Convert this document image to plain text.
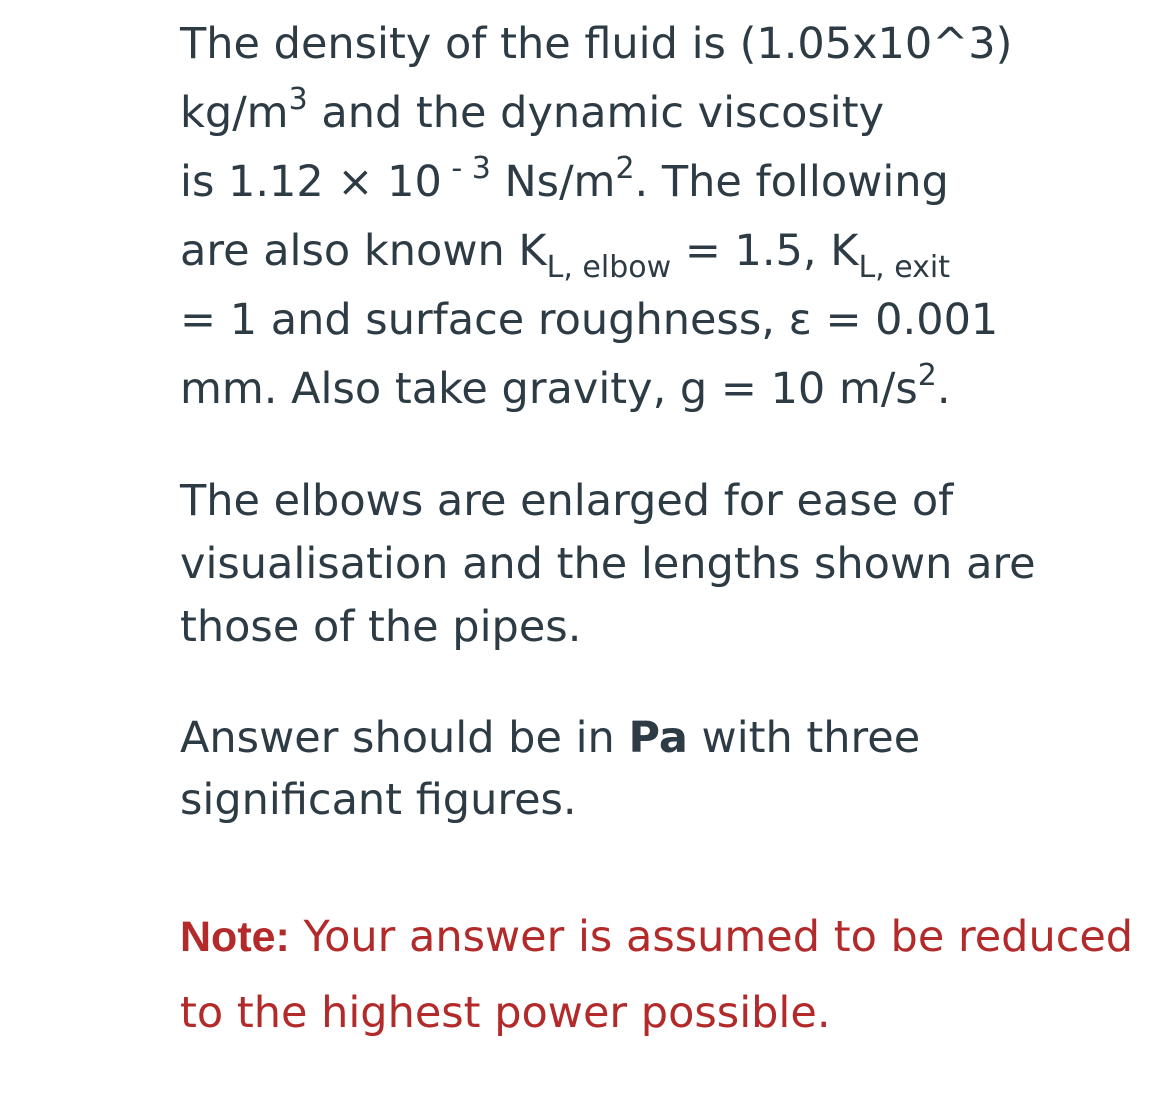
The density of the fluid is (1.05x10^3)
$kg/m^3$ and the dynamic viscosity
is 1.12 × 10 $^{- 3}$ $Ns/m^2$. The following
are also known $K_{L, elbow} = 1.5$, $K_{L, exit}$
= 1 and surface roughness, ε = 0.001
mm. Also take gravity, g = 10 $m/s^2$.

The elbows are enlarged for ease of visualisation and the lengths shown are those of the pipes.

Answer should be in Pa with three significant figures.

Note: Your answer is assumed to be reduced to the highest power possible.
